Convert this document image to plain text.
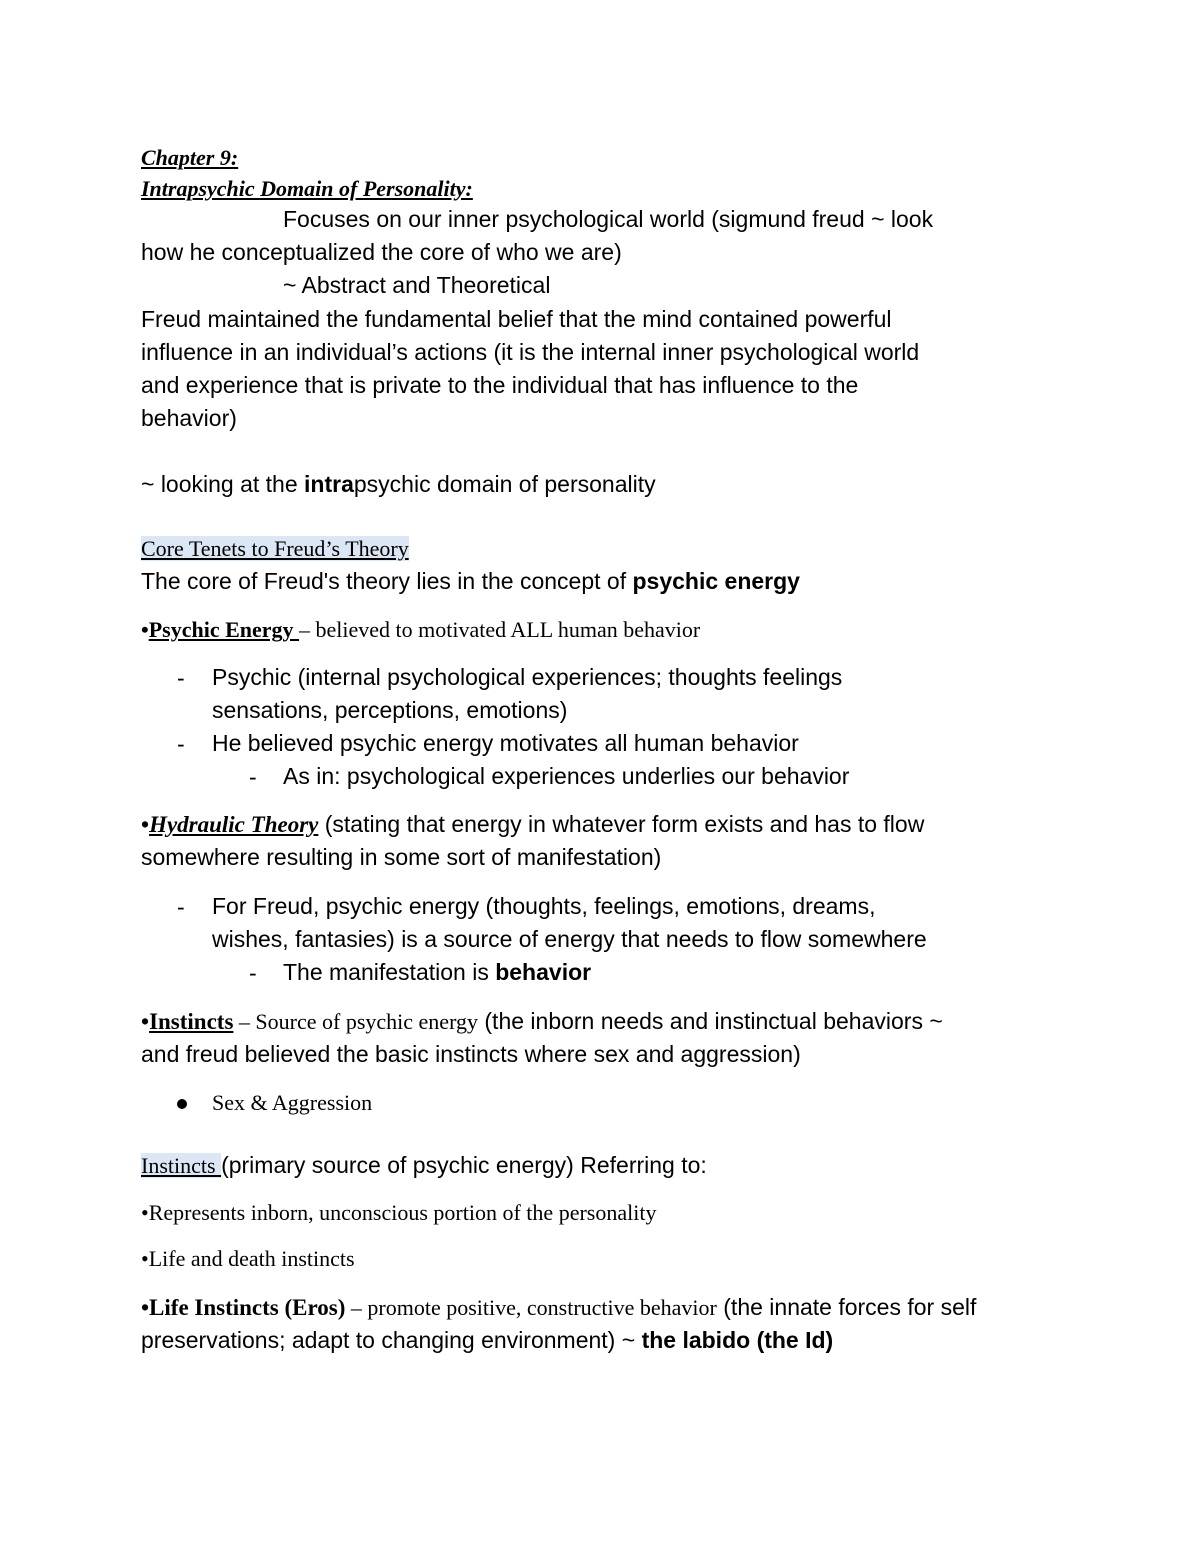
Chapter 9:
Intrapsychic Domain of Personality:
Focuses on our inner psychological world (sigmund freud ~ look
how he conceptualized the core of who we are)
~ Abstract and Theoretical
Freud maintained the fundamental belief that the mind contained powerful
influence in an individual’s actions (it is the internal inner psychological world
and experience that is private to the individual that has influence to the
behavior)
~ looking at the intrapsychic domain of personality
Core Tenets to Freud’s Theory
The core of Freud's theory lies in the concept of psychic energy
•Psychic Energy – believed to motivated ALL human behavior
- Psychic (internal psychological experiences; thoughts feelings
sensations, perceptions, emotions)
- He believed psychic energy motivates all human behavior
- As in: psychological experiences underlies our behavior
•Hydraulic Theory (stating that energy in whatever form exists and has to flow
somewhere resulting in some sort of manifestation)
- For Freud, psychic energy (thoughts, feelings, emotions, dreams,
wishes, fantasies) is a source of energy that needs to flow somewhere
- The manifestation is behavior
•Instincts – Source of psychic energy (the inborn needs and instinctual behaviors ~
and freud believed the basic instincts where sex and aggression)
Sex & Aggression
Instincts (primary source of psychic energy) Referring to:
•Represents inborn, unconscious portion of the personality
•Life and death instincts
•Life Instincts (Eros) – promote positive, constructive behavior (the innate forces for self
preservations; adapt to changing environment) ~ the labido (the Id)
